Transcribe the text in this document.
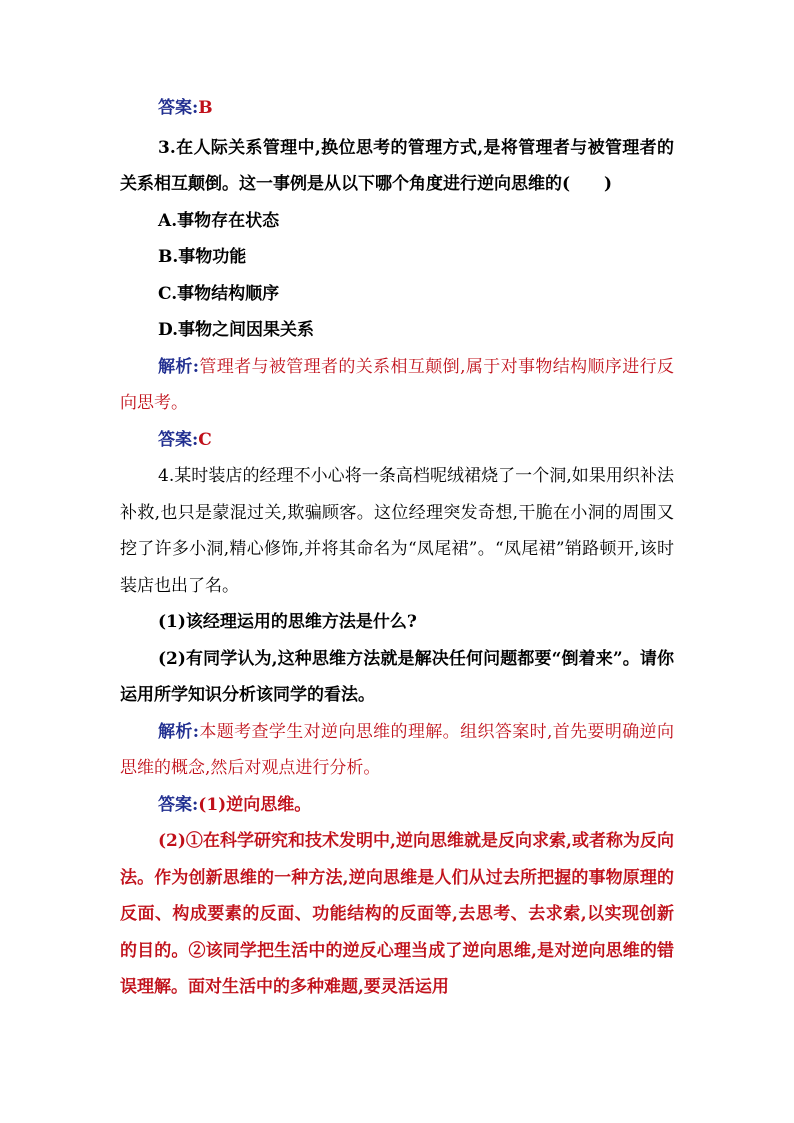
答案:B

3.在人际关系管理中,换位思考的管理方式,是将管理者与被管理者的关系相互颠倒。这一事例是从以下哪个角度进行逆向思维的(　　)

A.事物存在状态

B.事物功能

C.事物结构顺序

D.事物之间因果关系

解析:管理者与被管理者的关系相互颠倒,属于对事物结构顺序进行反向思考。

答案:C

4.某时装店的经理不小心将一条高档呢绒裙烧了一个洞,如果用织补法补救,也只是蒙混过关,欺骗顾客。这位经理突发奇想,干脆在小洞的周围又挖了许多小洞,精心修饰,并将其命名为“凤尾裙”。“凤尾裙”销路顿开,该时装店也出了名。

(1)该经理运用的思维方法是什么?

(2)有同学认为,这种思维方法就是解决任何问题都要“倒着来”。请你运用所学知识分析该同学的看法。

解析:本题考查学生对逆向思维的理解。组织答案时,首先要明确逆向思维的概念,然后对观点进行分析。

答案:(1)逆向思维。

(2)①在科学研究和技术发明中,逆向思维就是反向求索,或者称为反向法。作为创新思维的一种方法,逆向思维是人们从过去所把握的事物原理的反面、构成要素的反面、功能结构的反面等,去思考、去求索,以实现创新的目的。②该同学把生活中的逆反心理当成了逆向思维,是对逆向思维的错误理解。面对生活中的多种难题,要灵活运用
